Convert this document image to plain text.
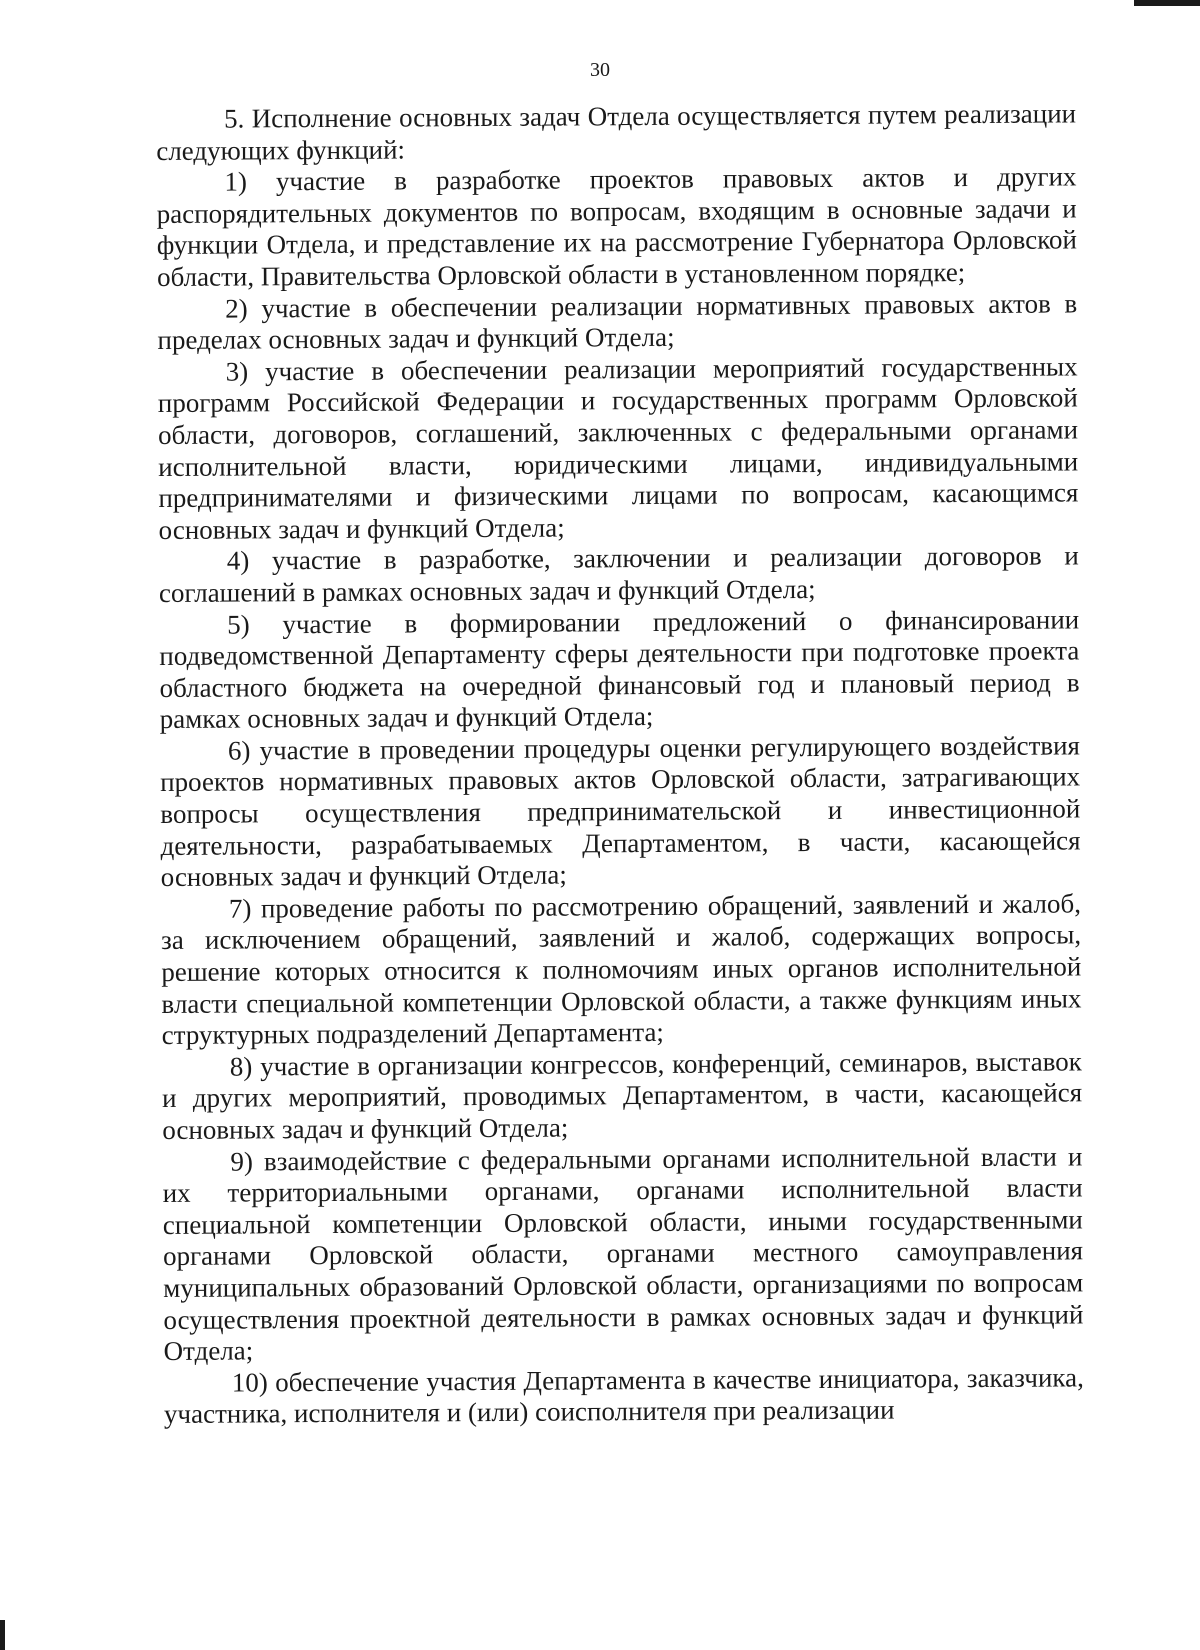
30

5. Исполнение основных задач Отдела осуществляется путем реализации следующих функций:

1) участие в разработке проектов правовых актов и других распорядительных документов по вопросам, входящим в основные задачи и функции Отдела, и представление их на рассмотрение Губернатора Орловской области, Правительства Орловской области в установленном порядке;

2) участие в обеспечении реализации нормативных правовых актов в пределах основных задач и функций Отдела;

3) участие в обеспечении реализации мероприятий государственных программ Российской Федерации и государственных программ Орловской области, договоров, соглашений, заключенных с федеральными органами исполнительной власти, юридическими лицами, индивидуальными предпринимателями и физическими лицами по вопросам, касающимся основных задач и функций Отдела;

4) участие в разработке, заключении и реализации договоров и соглашений в рамках основных задач и функций Отдела;

5) участие в формировании предложений о финансировании подведомственной Департаменту сферы деятельности при подготовке проекта областного бюджета на очередной финансовый год и плановый период в рамках основных задач и функций Отдела;

6) участие в проведении процедуры оценки регулирующего воздействия проектов нормативных правовых актов Орловской области, затрагивающих вопросы осуществления предпринимательской и инвестиционной деятельности, разрабатываемых Департаментом, в части, касающейся основных задач и функций Отдела;

7) проведение работы по рассмотрению обращений, заявлений и жалоб, за исключением обращений, заявлений и жалоб, содержащих вопросы, решение которых относится к полномочиям иных органов исполнительной власти специальной компетенции Орловской области, а также функциям иных структурных подразделений Департамента;

8) участие в организации конгрессов, конференций, семинаров, выставок и других мероприятий, проводимых Департаментом, в части, касающейся основных задач и функций Отдела;

9) взаимодействие с федеральными органами исполнительной власти и их территориальными органами, органами исполнительной власти специальной компетенции Орловской области, иными государственными органами Орловской области, органами местного самоуправления муниципальных образований Орловской области, организациями по вопросам осуществления проектной деятельности в рамках основных задач и функций Отдела;

10) обеспечение участия Департамента в качестве инициатора, заказчика, участника, исполнителя и (или) соисполнителя при реализации
